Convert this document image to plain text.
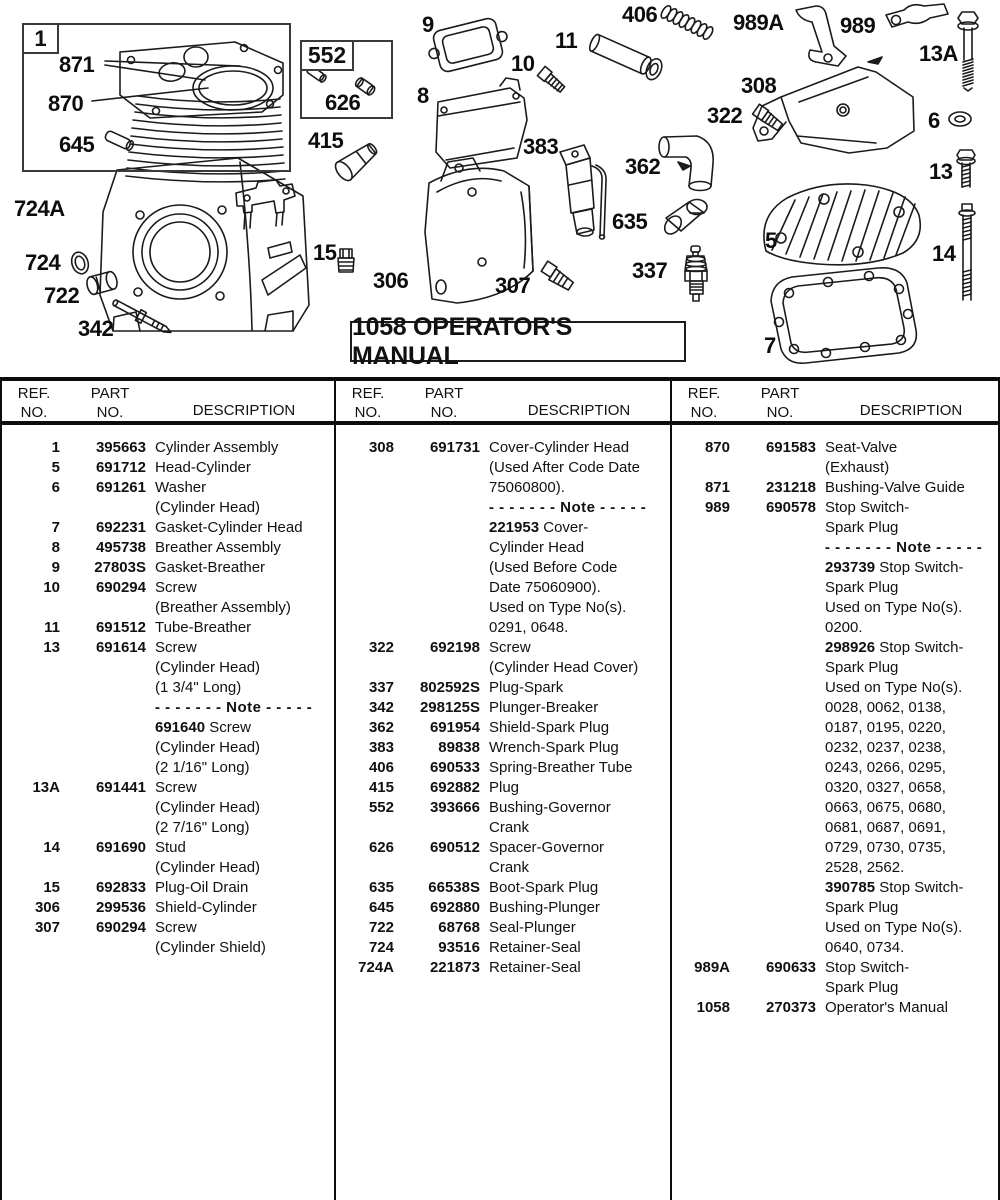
1
552
1058 OPERATOR'S MANUAL
871
870
645
724A
724
722
342
626
415
15
9
10
8
11
406
383
362
635
337
306	307
989A	989
13A
308
322	6
13
5
14
7
REF.
NO.
PART
NO.	DESCRIPTION
1	395663 Cylinder Assembly
5	691712 Head-Cylinder
6	691261 Washer
(Cylinder Head)
7	692231 Gasket-Cylinder Head
8	495738 Breather Assembly
9	27803S Gasket-Breather
10	690294 Screw
(Breather Assembly)
11	691512 Tube-Breather
13	691614 Screw
(Cylinder Head)
(1 3/4" Long)
- - - - - - - Note - - - - -
691640 Screw
(Cylinder Head)
(2 1/16" Long)
13A	691441 Screw
(Cylinder Head)
(2 7/16" Long)
14	691690 Stud
(Cylinder Head)
15	692833 Plug-Oil Drain
306	299536 Shield-Cylinder
307	690294 Screw
(Cylinder Shield)
REF.
NO.
PART
NO.	DESCRIPTION
308	691731 Cover-Cylinder Head
(Used After Code Date
75060800).
- - - - - - - Note - - - - -
221953 Cover-
Cylinder Head
(Used Before Code
Date 75060900).
Used on Type No(s).
0291, 0648.
322	692198 Screw
(Cylinder Head Cover)
337	802592S Plug-Spark
342	298125S Plunger-Breaker
362	691954 Shield-Spark Plug
383	89838 Wrench-Spark Plug
406	690533 Spring-Breather Tube
415	692882 Plug
552	393666 Bushing-Governor
Crank
626	690512 Spacer-Governor
Crank
635	66538S Boot-Spark Plug
645	692880 Bushing-Plunger
722	68768 Seal-Plunger
724	93516 Retainer-Seal
724A	221873 Retainer-Seal
REF.
NO.
PART
NO.	DESCRIPTION
870	691583 Seat-Valve
(Exhaust)
871	231218 Bushing-Valve Guide
989	690578 Stop Switch-
Spark Plug
- - - - - - - Note - - - - -
293739 Stop Switch-
Spark Plug
Used on Type No(s).
0200.
298926 Stop Switch-
Spark Plug
Used on Type No(s).
0028, 0062, 0138,
0187, 0195, 0220,
0232, 0237, 0238,
0243, 0266, 0295,
0320, 0327, 0658,
0663, 0675, 0680,
0681, 0687, 0691,
0729, 0730, 0735,
2528, 2562.
390785 Stop Switch-
Spark Plug
Used on Type No(s).
0640, 0734.
989A	690633 Stop Switch-
Spark Plug
1058	270373 Operator's Manual
